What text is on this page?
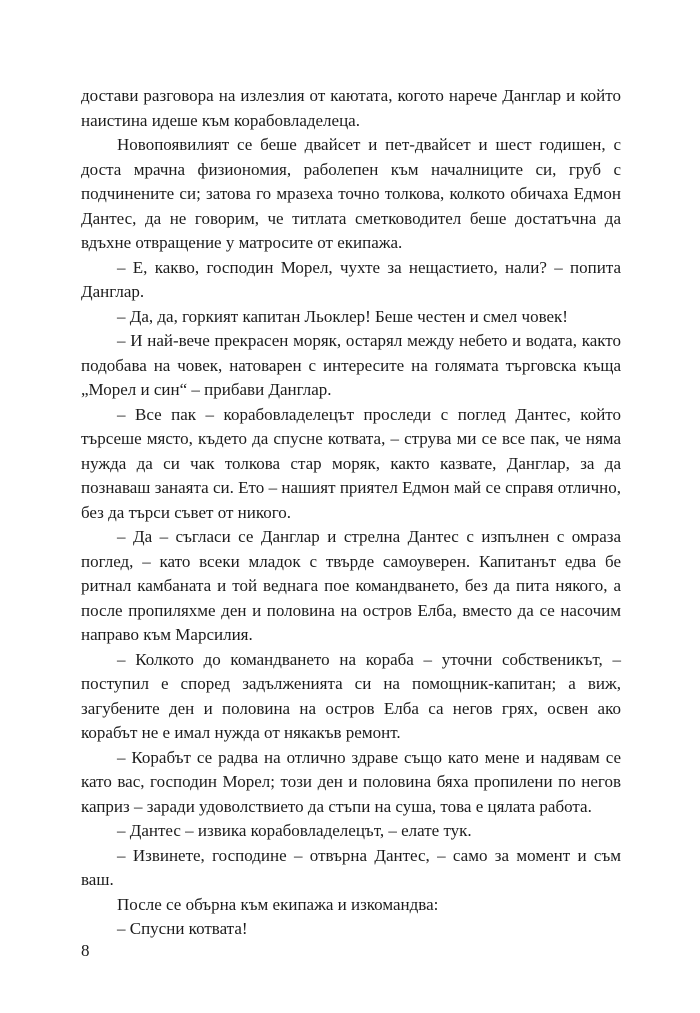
достави разговора на излезлия от каютата, когото нарече Данглар и който наистина идеше към корабовладелеца.

Новопоявилият се беше двайсет и пет-двайсет и шест годишен, с доста мрачна физиономия, раболепен към началниците си, груб с подчинените си; затова го мразеха точно толкова, колкото обичаха Едмон Дантес, да не говорим, че титлата сметководител беше достатъчна да вдъхне отвращение у матросите от екипажа.

– Е, какво, господин Морел, чухте за нещастието, нали? – попита Данглар.

– Да, да, горкият капитан Льоклер! Беше честен и смел човек!

– И най-вече прекрасен моряк, остарял между небето и водата, както подобава на човек, натоварен с интересите на голямата търговска къща „Морел и син“ – прибави Данглар.

– Все пак – корабовладелецът проследи с поглед Дантес, който търсеше място, където да спусне котвата, – струва ми се все пак, че няма нужда да си чак толкова стар моряк, както казвате, Данглар, за да познаваш занаята си. Ето – нашият приятел Едмон май се справя отлично, без да търси съвет от никого.

– Да – съгласи се Данглар и стрелна Дантес с изпълнен с омраза поглед, – като всеки младок с твърде самоуверен. Капитанът едва бе ритнал камбаната и той веднага пое командването, без да пита някого, а после пропиляхме ден и половина на остров Елба, вместо да се насочим направо към Марсилия.

– Колкото до командването на кораба – уточни собственикът, – поступил е според задълженията си на помощник-капитан; а виж, загубените ден и половина на остров Елба са негов грях, освен ако корабът не е имал нужда от някакъв ремонт.

– Корабът се радва на отлично здраве също като мене и надявам се като вас, господин Морел; този ден и половина бяха пропилени по негов каприз – заради удоволствието да стъпи на суша, това е цялата работа.

– Дантес – извика корабовладелецът, – елате тук.

– Извинете, господине – отвърна Дантес, – само за момент и съм ваш.

После се обърна към екипажа и изкомандва:

– Спусни котвата!

8
